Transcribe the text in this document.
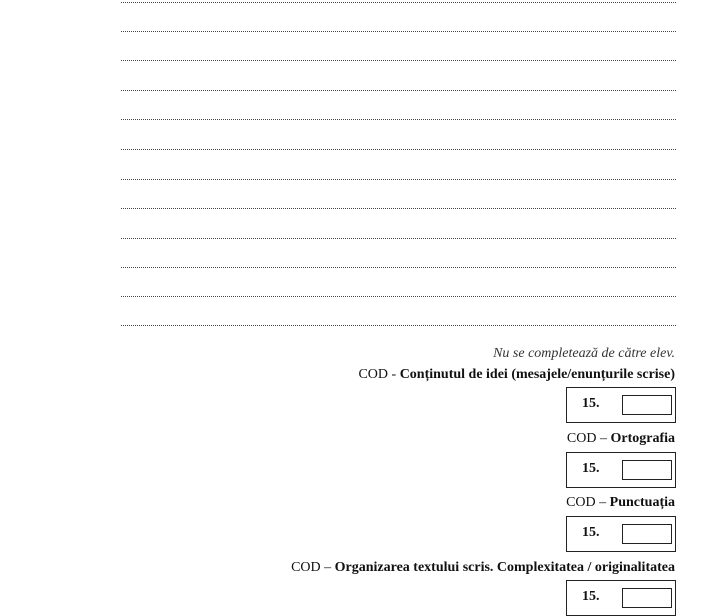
Nu se completează de către elev.
COD - Conținutul de idei (mesajele/enunțurile scrise)
15.
COD – Ortografia
15.
COD – Punctuația
15.
COD – Organizarea textului scris. Complexitatea / originalitatea
15.
